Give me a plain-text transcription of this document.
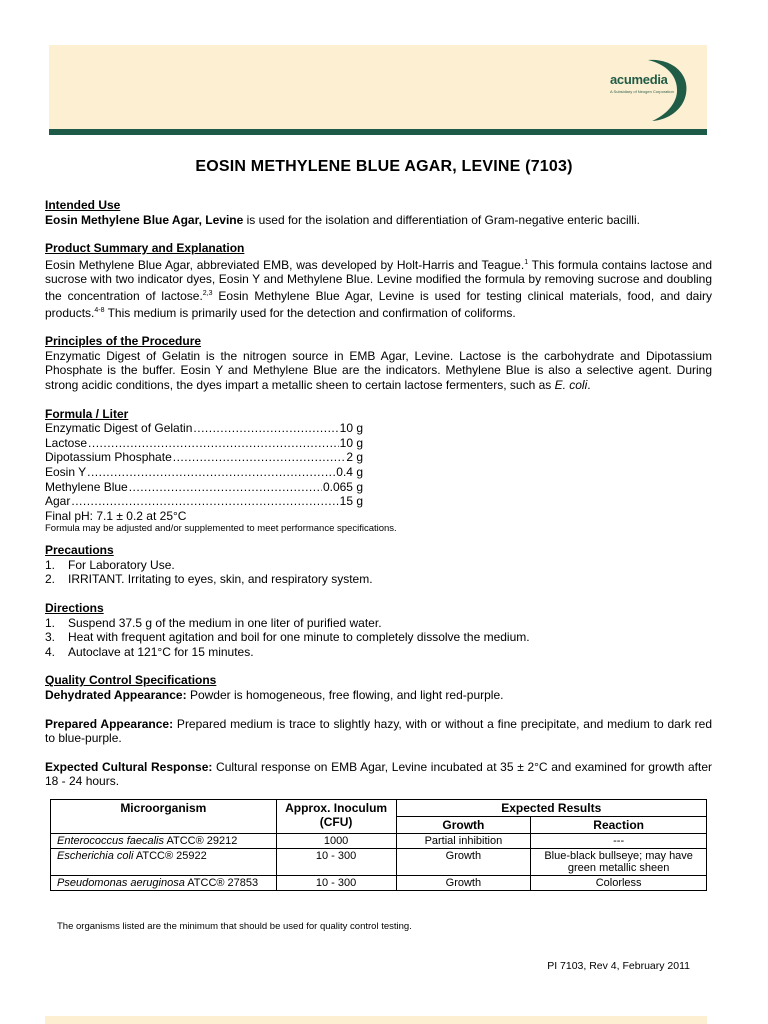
acumedia
A Subsidiary of Neogen Corporation
EOSIN METHYLENE BLUE AGAR, LEVINE (7103)

Intended Use

Eosin Methylene Blue Agar, Levine is used for the isolation and differentiation of Gram-negative enteric bacilli.

Product Summary and Explanation

Eosin Methylene Blue Agar, abbreviated EMB, was developed by Holt-Harris and Teague.$^1$ This formula contains lactose and sucrose with two indicator dyes, Eosin Y and Methylene Blue. Levine modified the formula by removing sucrose and doubling the concentration of lactose.$^{2,3}$ Eosin Methylene Blue Agar, Levine is used for testing clinical materials, food, and dairy products.$^{4-8}$ This medium is primarily used for the detection and confirmation of coliforms.

Principles of the Procedure

Enzymatic Digest of Gelatin is the nitrogen source in EMB Agar, Levine. Lactose is the carbohydrate and Dipotassium Phosphate is the buffer. Eosin Y and Methylene Blue are the indicators. Methylene Blue is also a selective agent. During strong acidic conditions, the dyes impart a metallic sheen to certain lactose fermenters, such as E. coli.

Formula / Liter

Enzymatic Digest of Gelatin .....	10 g
Lactose .....	10 g
Dipotassium Phosphate .....	2 g
Eosin Y .....	0.4 g
Methylene Blue .....	0.065 g
Agar .....	15 g

Final pH: 7.1 ± 0.2 at 25°C

Formula may be adjusted and/or supplemented to meet performance specifications.

Precautions

1.	For Laboratory Use.
2.	IRRITANT. Irritating to eyes, skin, and respiratory system.

Directions

1.	Suspend 37.5 g of the medium in one liter of purified water.
3.	Heat with frequent agitation and boil for one minute to completely dissolve the medium.
4.	Autoclave at 121°C for 15 minutes.

Quality Control Specifications

Dehydrated Appearance: Powder is homogeneous, free flowing, and light red-purple.

Prepared Appearance: Prepared medium is trace to slightly hazy, with or without a fine precipitate, and medium to dark red to blue-purple.

Expected Cultural Response: Cultural response on EMB Agar, Levine incubated at 35 ± 2°C and examined for growth after 18 - 24 hours.

Microorganism	Approx. Inoculum (CFU)	Expected Results	
		Growth	Reaction
Enterococcus faecalis ATCC® 29212	1000	Partial inhibition	---
Escherichia coli ATCC® 25922	10 - 300	Growth	Blue-black bullseye; may have green metallic sheen
Pseudomonas aeruginosa ATCC® 27853	10 - 300	Growth	Colorless
The organisms listed are the minimum that should be used for quality control testing.
PI 7103, Rev 4, February 2011
